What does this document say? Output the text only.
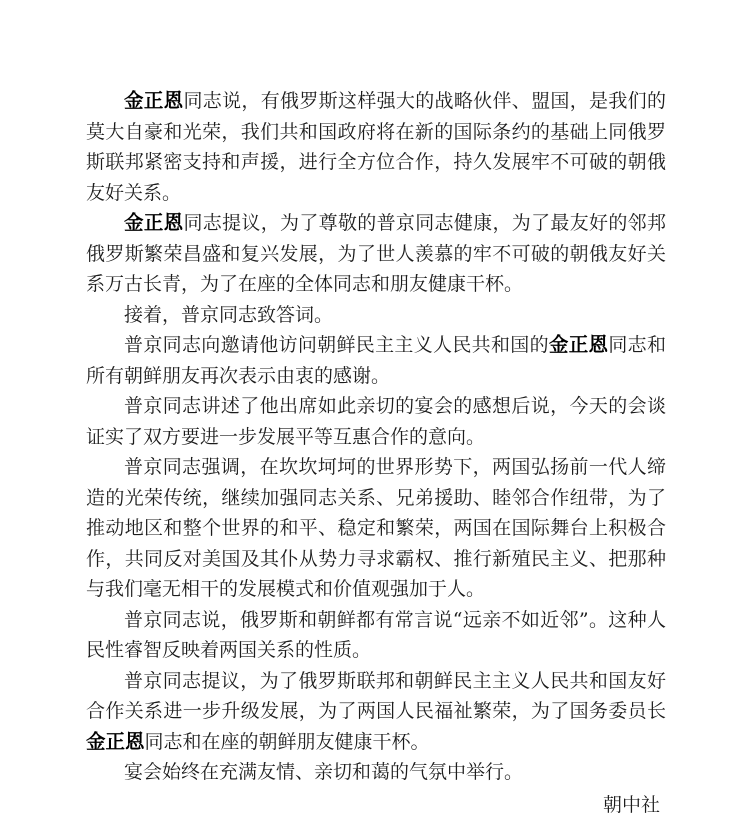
金正恩同志说，有俄罗斯这样强大的战略伙伴、盟国，是我们的莫大自豪和光荣，我们共和国政府将在新的国际条约的基础上同俄罗斯联邦紧密支持和声援，进行全方位合作，持久发展牢不可破的朝俄友好关系。

金正恩同志提议，为了尊敬的普京同志健康，为了最友好的邻邦俄罗斯繁荣昌盛和复兴发展，为了世人羡慕的牢不可破的朝俄友好关系万古长青，为了在座的全体同志和朋友健康干杯。

接着，普京同志致答词。

普京同志向邀请他访问朝鲜民主主义人民共和国的金正恩同志和所有朝鲜朋友再次表示由衷的感谢。

普京同志讲述了他出席如此亲切的宴会的感想后说，今天的会谈证实了双方要进一步发展平等互惠合作的意向。

普京同志强调，在坎坎坷坷的世界形势下，两国弘扬前一代人缔造的光荣传统，继续加强同志关系、兄弟援助、睦邻合作纽带，为了推动地区和整个世界的和平、稳定和繁荣，两国在国际舞台上积极合作，共同反对美国及其仆从势力寻求霸权、推行新殖民主义、把那种与我们毫无相干的发展模式和价值观强加于人。

普京同志说，俄罗斯和朝鲜都有常言说“远亲不如近邻”。这种人民性睿智反映着两国关系的性质。

普京同志提议，为了俄罗斯联邦和朝鲜民主主义人民共和国友好合作关系进一步升级发展，为了两国人民福祉繁荣，为了国务委员长金正恩同志和在座的朝鲜朋友健康干杯。

宴会始终在充满友情、亲切和蔼的气氛中举行。

朝中社
